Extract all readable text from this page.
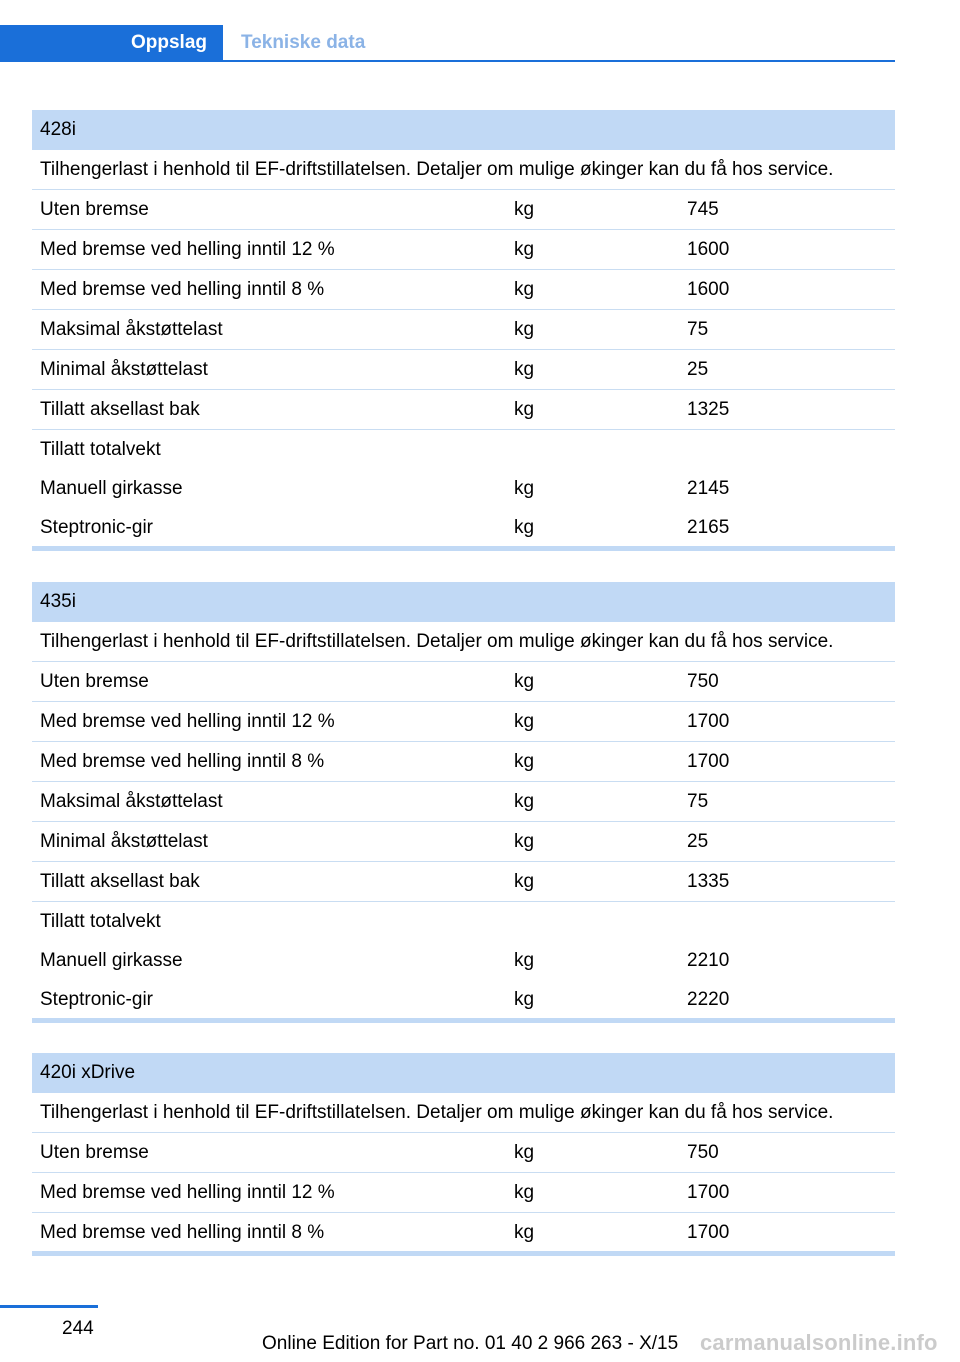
Oppslag	Tekniske data
428i
Tilhengerlast i henhold til EF-driftstillatelsen. Detaljer om mulige økinger kan du få hos service.
Uten bremse	kg	745
Med bremse ved helling inntil 12 %	kg	1600
Med bremse ved helling inntil 8 %	kg	1600
Maksimal åkstøttelast	kg	75
Minimal åkstøttelast	kg	25
Tillatt aksellast bak	kg	1325
Tillatt totalvekt
Manuell girkasse	kg	2145
Steptronic-gir	kg	2165
435i
Tilhengerlast i henhold til EF-driftstillatelsen. Detaljer om mulige økinger kan du få hos service.
Uten bremse	kg	750
Med bremse ved helling inntil 12 %	kg	1700
Med bremse ved helling inntil 8 %	kg	1700
Maksimal åkstøttelast	kg	75
Minimal åkstøttelast	kg	25
Tillatt aksellast bak	kg	1335
Tillatt totalvekt
Manuell girkasse	kg	2210
Steptronic-gir	kg	2220
420i xDrive
Tilhengerlast i henhold til EF-driftstillatelsen. Detaljer om mulige økinger kan du få hos service.
Uten bremse	kg	750
Med bremse ved helling inntil 12 %	kg	1700
Med bremse ved helling inntil 8 %	kg	1700
244
Online Edition for Part no. 01 40 2 966 263 - X/15 carmanualsonline.info
